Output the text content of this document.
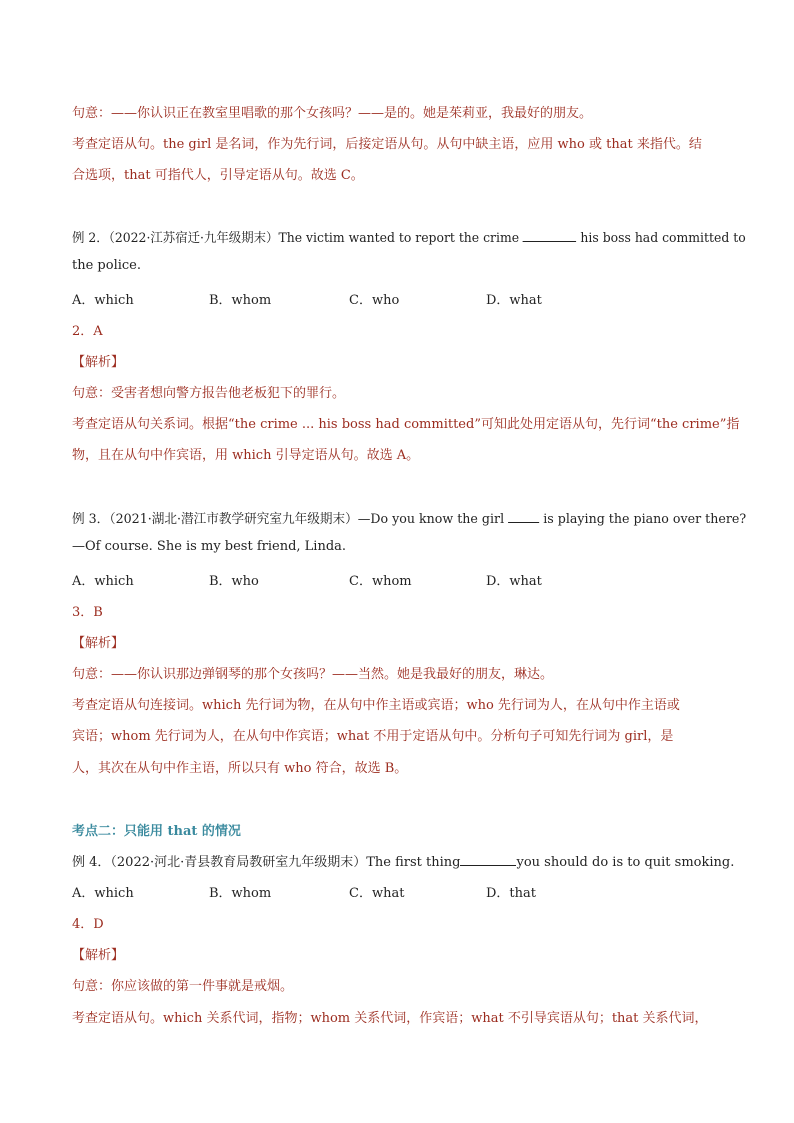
句意：——你认识正在教室里唱歌的那个女孩吗？——是的。她是茱莉亚，我最好的朋友。
考查定语从句。the girl 是名词，作为先行词，后接定语从句。从句中缺主语，应用 who 或 that 来指代。结
合选项，that 可指代人，引导定语从句。故选 C。
例 2．（2022·江苏宿迁·九年级期末）The victim wanted to report the crime	his boss had committed to
the police.
A．which	B．whom	C．who	D．what
2．A
【解析】
句意：受害者想向警方报告他老板犯下的罪行。
考查定语从句关系词。根据“the crime ... his boss had committed”可知此处用定语从句，先行词“the crime”指
物，且在从句中作宾语，用 which 引导定语从句。故选 A。
例 3．（2021·湖北·潜江市教学研究室九年级期末）—Do you know the girl	is playing the piano over there?
—Of course. She is my best friend, Linda.
A．which	B．who	C．whom	D．what
3．B
【解析】
句意：——你认识那边弹钢琴的那个女孩吗？——当然。她是我最好的朋友，琳达。
考查定语从句连接词。which 先行词为物，在从句中作主语或宾语；who 先行词为人，在从句中作主语或
宾语；whom 先行词为人，在从句中作宾语；what 不用于定语从句中。分析句子可知先行词为 girl，是
人，其次在从句中作主语，所以只有 who 符合，故选 B。
考点二：只能用 that 的情况
例 4．（2022·河北·青县教育局教研室九年级期末）The first thing	you should do is to quit smoking.
A．which	B．whom	C．what	D．that
4．D
【解析】
句意：你应该做的第一件事就是戒烟。
考查定语从句。which 关系代词，指物；whom 关系代词，作宾语；what 不引导宾语从句；that 关系代词，
